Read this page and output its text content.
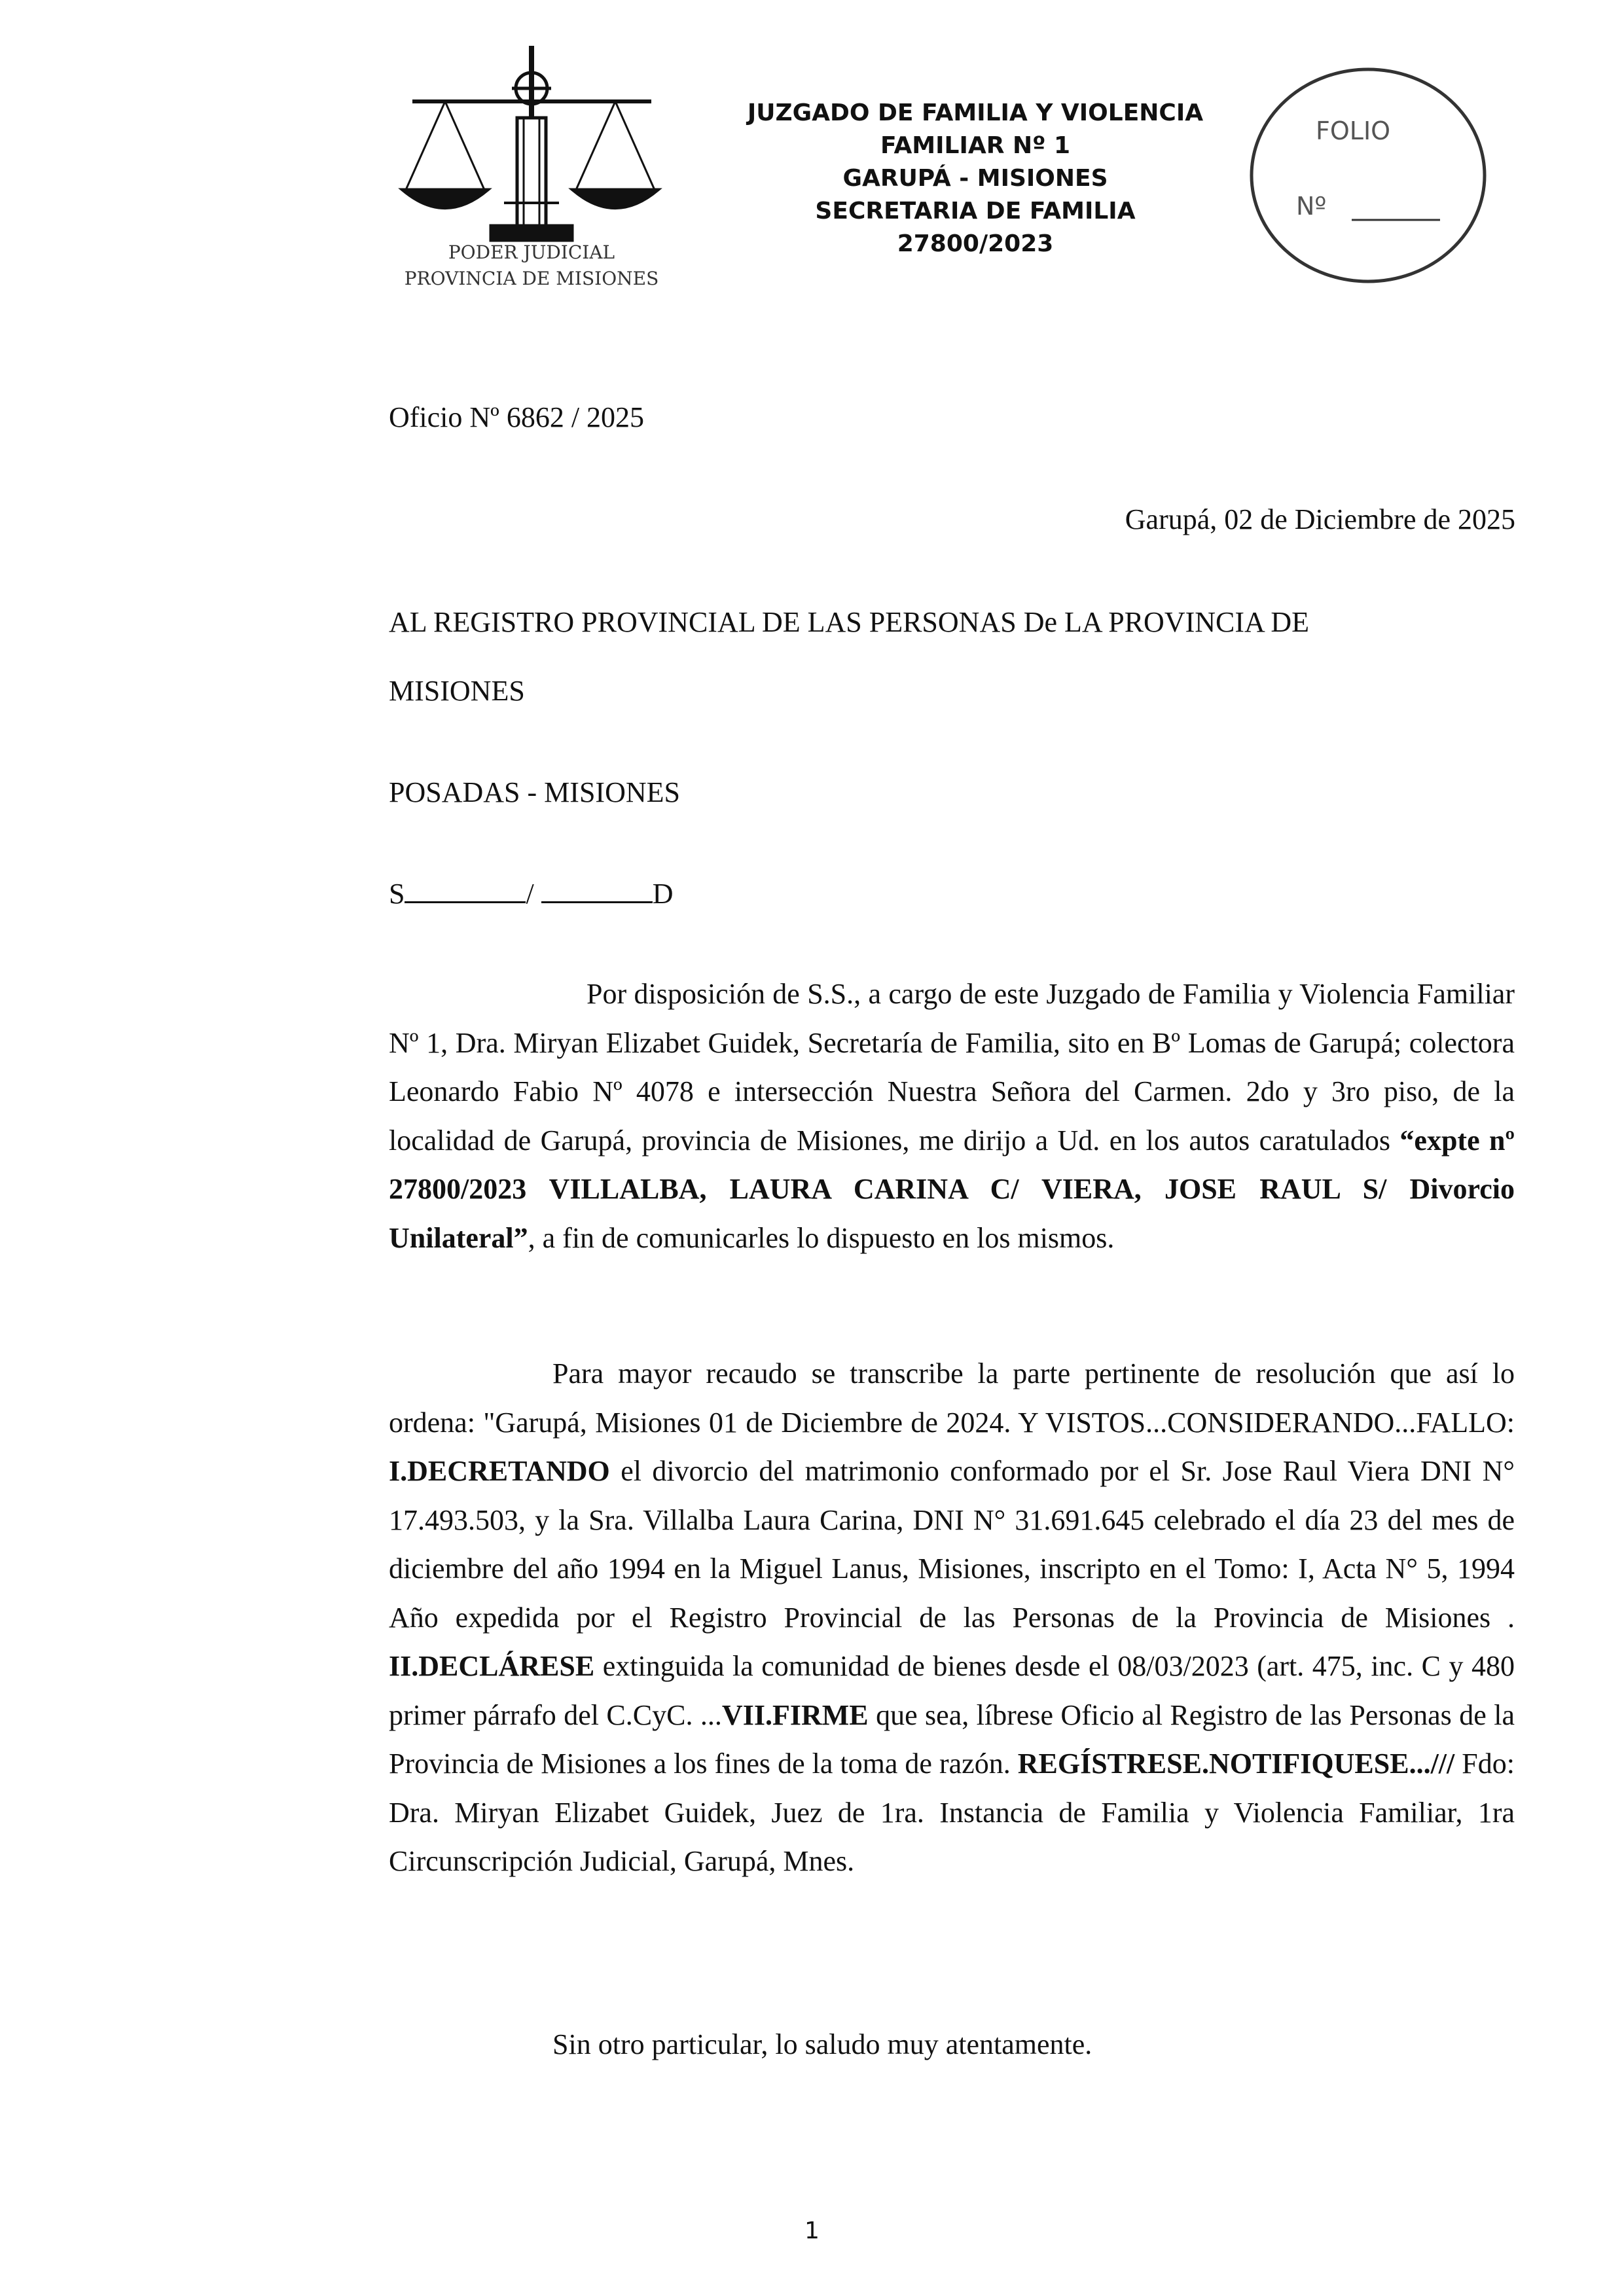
PODER JUDICIAL
PROVINCIA DE MISIONES
JUZGADO DE FAMILIA Y VIOLENCIA
FAMILIAR Nº 1
GARUPÁ - MISIONES
SECRETARIA DE FAMILIA
27800/2023
FOLIO
Nº
Oficio Nº 6862 / 2025
Garupá, 02 de Diciembre de 2025
AL REGISTRO PROVINCIAL DE LAS PERSONAS De LA PROVINCIA DE
MISIONES
POSADAS - MISIONES
S	/	D
Por disposición de S.S., a cargo de este Juzgado de Familia y Violencia Familiar Nº 1, Dra. Miryan Elizabet Guidek, Secretaría de Familia, sito en Bº Lomas de Garupá; colectora Leonardo Fabio Nº 4078 e intersección Nuestra Señora del Carmen. 2do y 3ro piso, de la localidad de Garupá, provincia de Misiones, me dirijo a Ud. en los autos caratulados “expte nº 27800/2023 VILLALBA, LAURA CARINA C/ VIERA, JOSE RAUL S/ Divorcio Unilateral”, a fin de comunicarles lo dispuesto en los mismos.
Para mayor recaudo se transcribe la parte pertinente de resolución que así lo ordena: "Garupá, Misiones 01 de Diciembre de 2024. Y VISTOS...CONSIDERANDO...FALLO: I.DECRETANDO el divorcio del matrimonio conformado por el Sr. Jose Raul Viera DNI N° 17.493.503, y la Sra. Villalba Laura Carina, DNI N° 31.691.645 celebrado el día 23 del mes de diciembre del año 1994 en la Miguel Lanus, Misiones, inscripto en el Tomo: I, Acta N° 5, 1994 Año expedida por el Registro Provincial de las Personas de la Provincia de Misiones . II.DECLÁRESE extinguida la comunidad de bienes desde el 08/03/2023 (art. 475, inc. C y 480 primer párrafo del C.CyC. ...VII.FIRME que sea, líbrese Oficio al Registro de las Personas de la Provincia de Misiones a los fines de la toma de razón. REGÍSTRESE.NOTIFIQUESE.../// Fdo: Dra. Miryan Elizabet Guidek, Juez de 1ra. Instancia de Familia y Violencia Familiar, 1ra Circunscripción Judicial, Garupá, Mnes.
Sin otro particular, lo saludo muy atentamente.
1
